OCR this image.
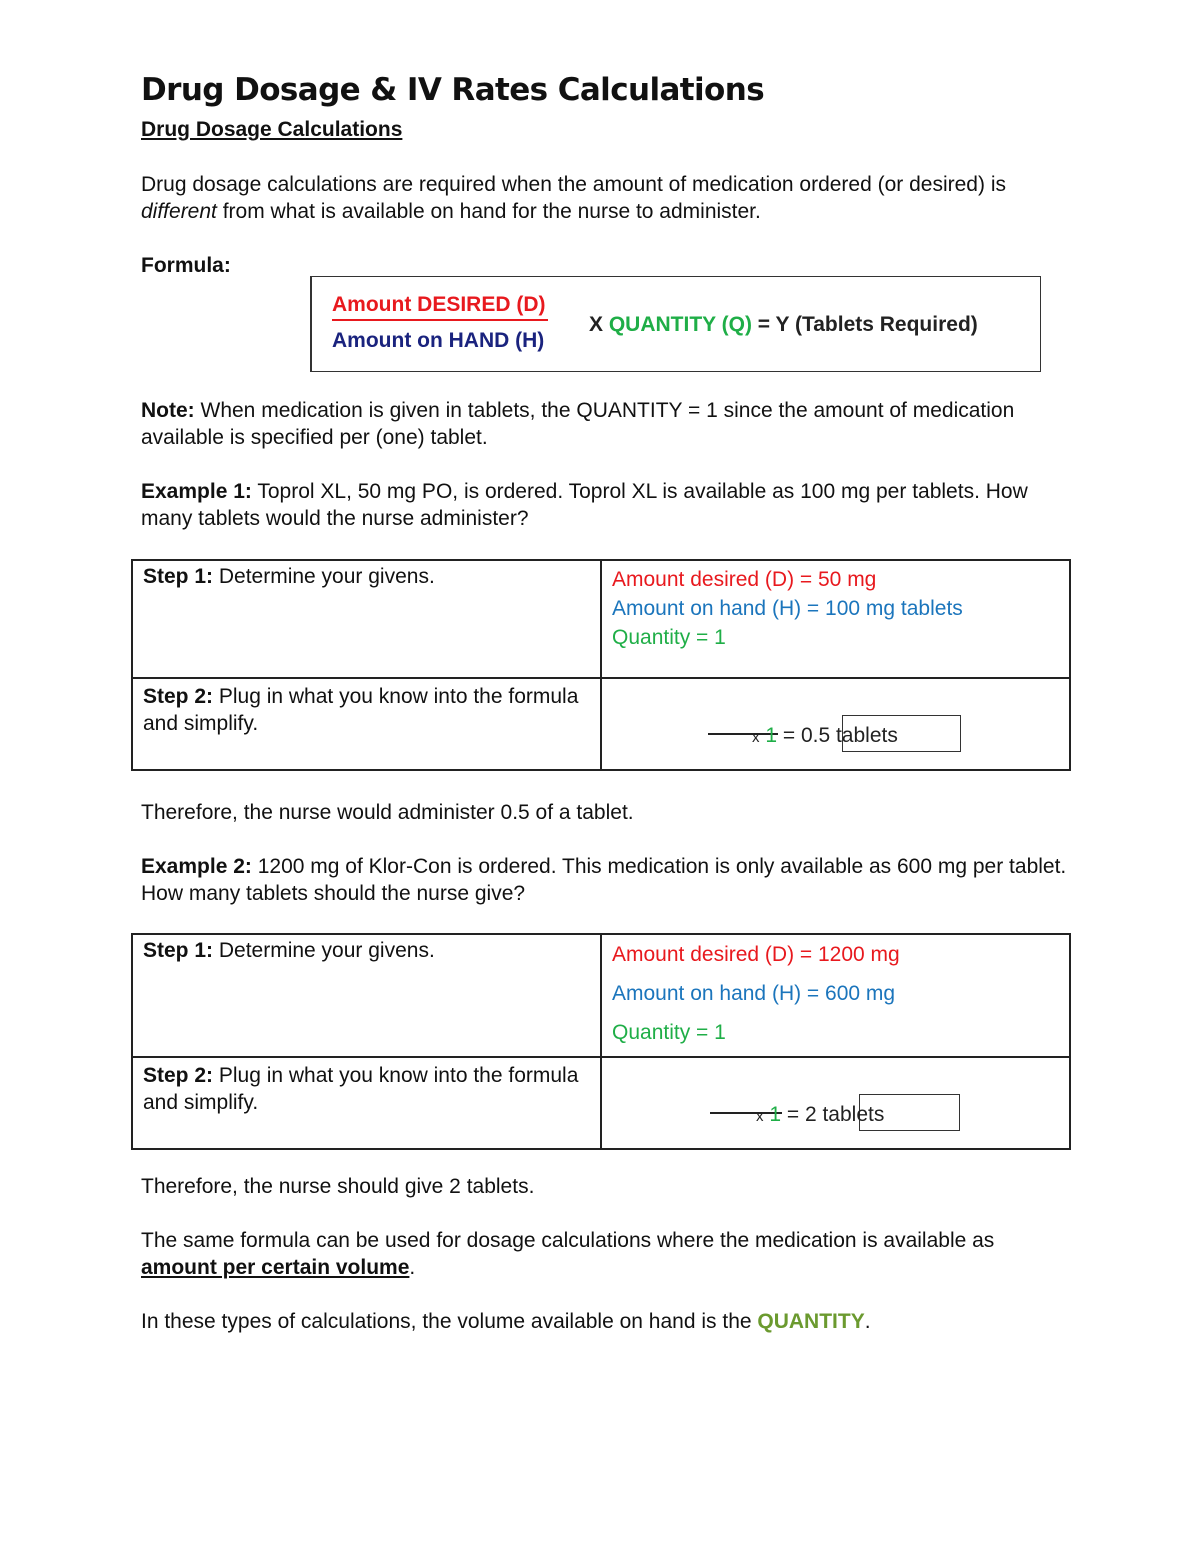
Drug Dosage & IV Rates Calculations
Drug Dosage Calculations

Drug dosage calculations are required when the amount of medication ordered (or desired) is different from what is available on hand for the nurse to administer.

Formula:
Amount DESIRED (D)
Amount on HAND (H)
X QUANTITY (Q) = Y (Tablets Required)

Note: When medication is given in tablets, the QUANTITY = 1 since the amount of medication available is specified per (one) tablet.

Example 1: Toprol XL, 50 mg PO, is ordered. Toprol XL is available as 100 mg per tablets. How many tablets would the nurse administer?

Step 1: Determine your givens.	Amount desired (D) = 50 mg
Amount on hand (H) = 100 mg tablets
Quantity = 1

Step 2: Plug in what you know into the formula and simplify.	x 1 = 0.5 tablets

Therefore, the nurse would administer 0.5 of a tablet.

Example 2: 1200 mg of Klor-Con is ordered. This medication is only available as 600 mg per tablet. How many tablets should the nurse give?

Step 1: Determine your givens.	Amount desired (D) = 1200 mg
Amount on hand (H) = 600 mg
Quantity = 1

Step 2: Plug in what you know into the formula and simplify.	x 1 = 2 tablets

Therefore, the nurse should give 2 tablets.

The same formula can be used for dosage calculations where the medication is available as amount per certain volume.

In these types of calculations, the volume available on hand is the QUANTITY.
